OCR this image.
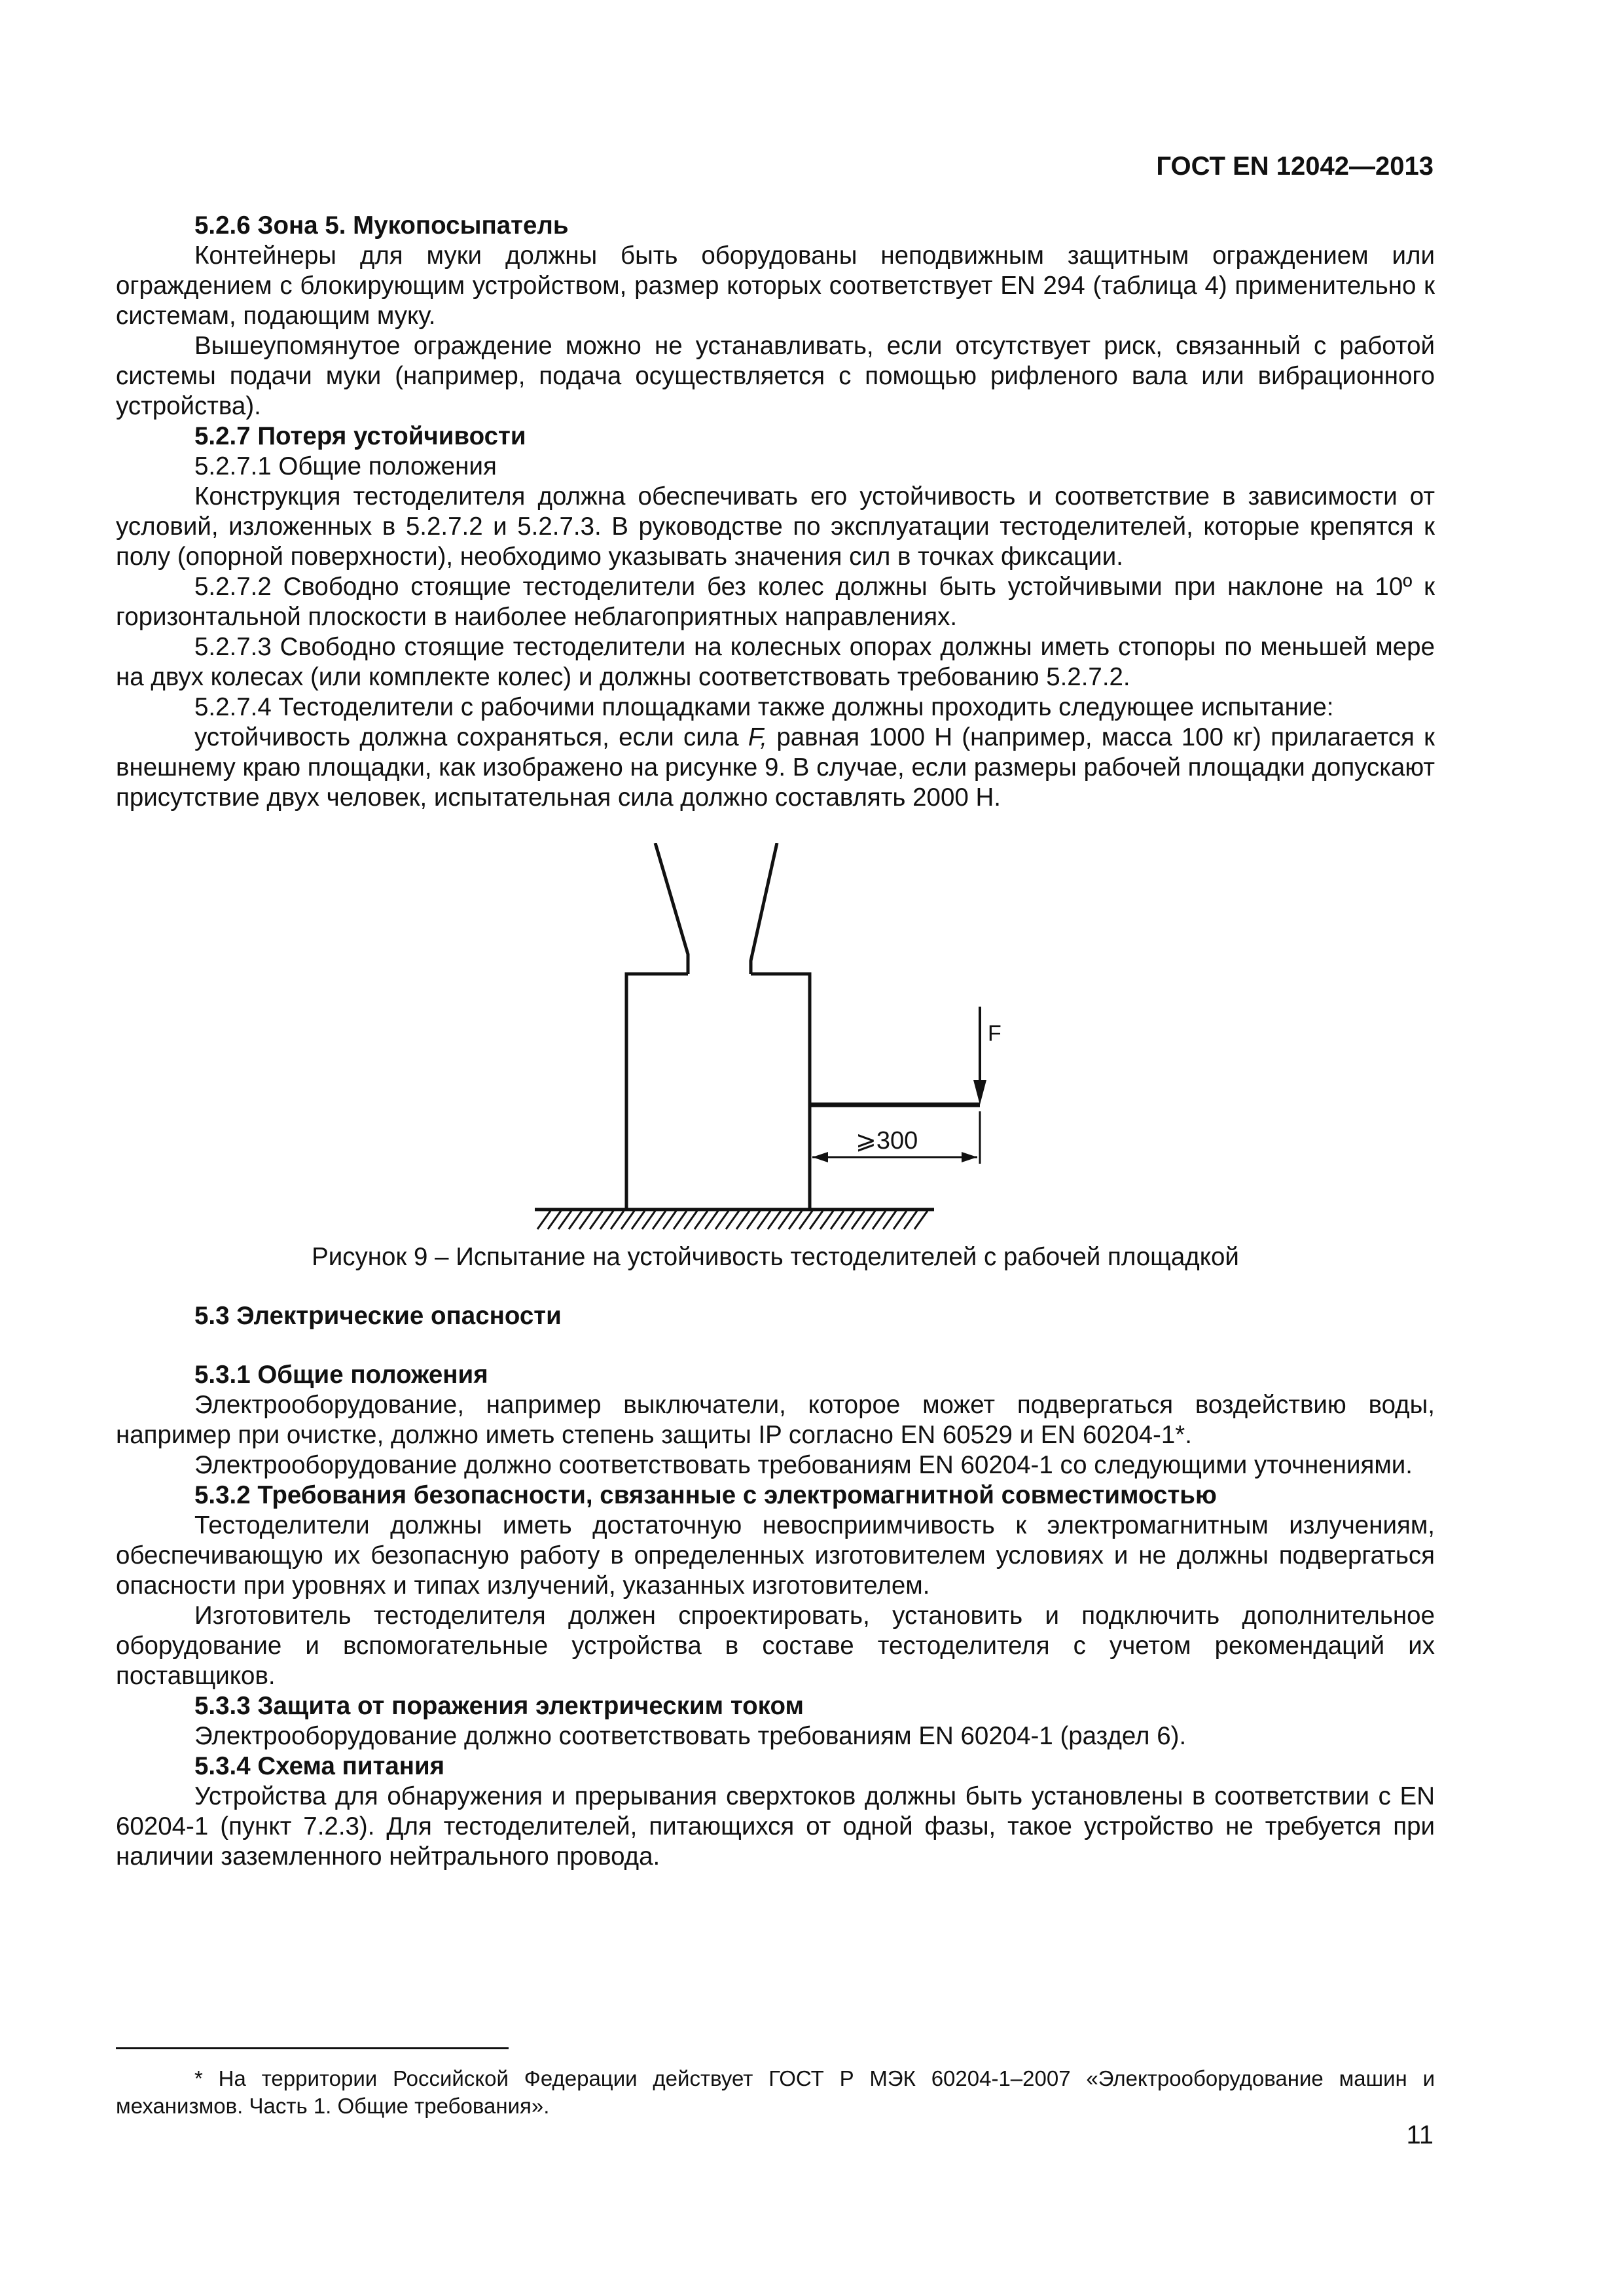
ГОСТ EN 12042—2013

5.2.6 Зона 5. Мукопосыпатель

Контейнеры для муки должны быть оборудованы неподвижным защитным ограждением или ограждением с блокирующим устройством, размер которых соответствует EN 294 (таблица 4) применительно к системам, подающим муку.

Вышеупомянутое ограждение можно не устанавливать, если отсутствует риск, связанный с работой системы подачи муки (например, подача осуществляется с помощью рифленого вала или вибрационного устройства).

5.2.7 Потеря устойчивости

5.2.7.1 Общие положения

Конструкция тестоделителя должна обеспечивать его устойчивость и соответствие в зависимости от условий, изложенных в 5.2.7.2 и 5.2.7.3. В руководстве по эксплуатации тестоделителей, которые крепятся к полу (опорной поверхности), необходимо указывать значения сил в точках фиксации.

5.2.7.2 Свободно стоящие тестоделители без колес должны быть устойчивыми при наклоне на 10º к горизонтальной плоскости в наиболее неблагоприятных направлениях.

5.2.7.3 Свободно стоящие тестоделители на колесных опорах должны иметь стопоры по меньшей мере на двух колесах (или комплекте колес) и должны соответствовать требованию 5.2.7.2.

5.2.7.4 Тестоделители с рабочими площадками также должны проходить следующее испытание:

устойчивость должна сохраняться, если сила F, равная 1000 Н (например, масса 100 кг) прилагается к внешнему краю площадки, как изображено на рисунке 9. В случае, если размеры рабочей площадки допускают присутствие двух человек, испытательная сила должно составлять 2000 Н.

F
⩾300

Рисунок 9 – Испытание на устойчивость тестоделителей с рабочей площадкой

5.3 Электрические опасности

5.3.1 Общие положения

Электрооборудование, например выключатели, которое может подвергаться воздействию воды, например при очистке, должно иметь степень защиты IP согласно EN 60529 и EN 60204-1*.

Электрооборудование должно соответствовать требованиям EN 60204-1 со следующими уточнениями.

5.3.2 Требования безопасности, связанные с электромагнитной совместимостью

Тестоделители должны иметь достаточную невосприимчивость к электромагнитным излучениям, обеспечивающую их безопасную работу в определенных изготовителем условиях и не должны подвергаться опасности при уровнях и типах излучений, указанных изготовителем.

Изготовитель тестоделителя должен спроектировать, установить и подключить дополнительное оборудование и вспомогательные устройства в составе тестоделителя с учетом рекомендаций их поставщиков.

5.3.3 Защита от поражения электрическим током

Электрооборудование должно соответствовать требованиям EN 60204-1 (раздел 6).

5.3.4 Схема питания

Устройства для обнаружения и прерывания сверхтоков должны быть установлены в соответствии с EN 60204-1 (пункт 7.2.3). Для тестоделителей, питающихся от одной фазы, такое устройство не требуется при наличии заземленного нейтрального провода.

* На территории Российской Федерации действует ГОСТ Р МЭК 60204-1–2007 «Электрооборудование машин и механизмов. Часть 1. Общие требования».
11
